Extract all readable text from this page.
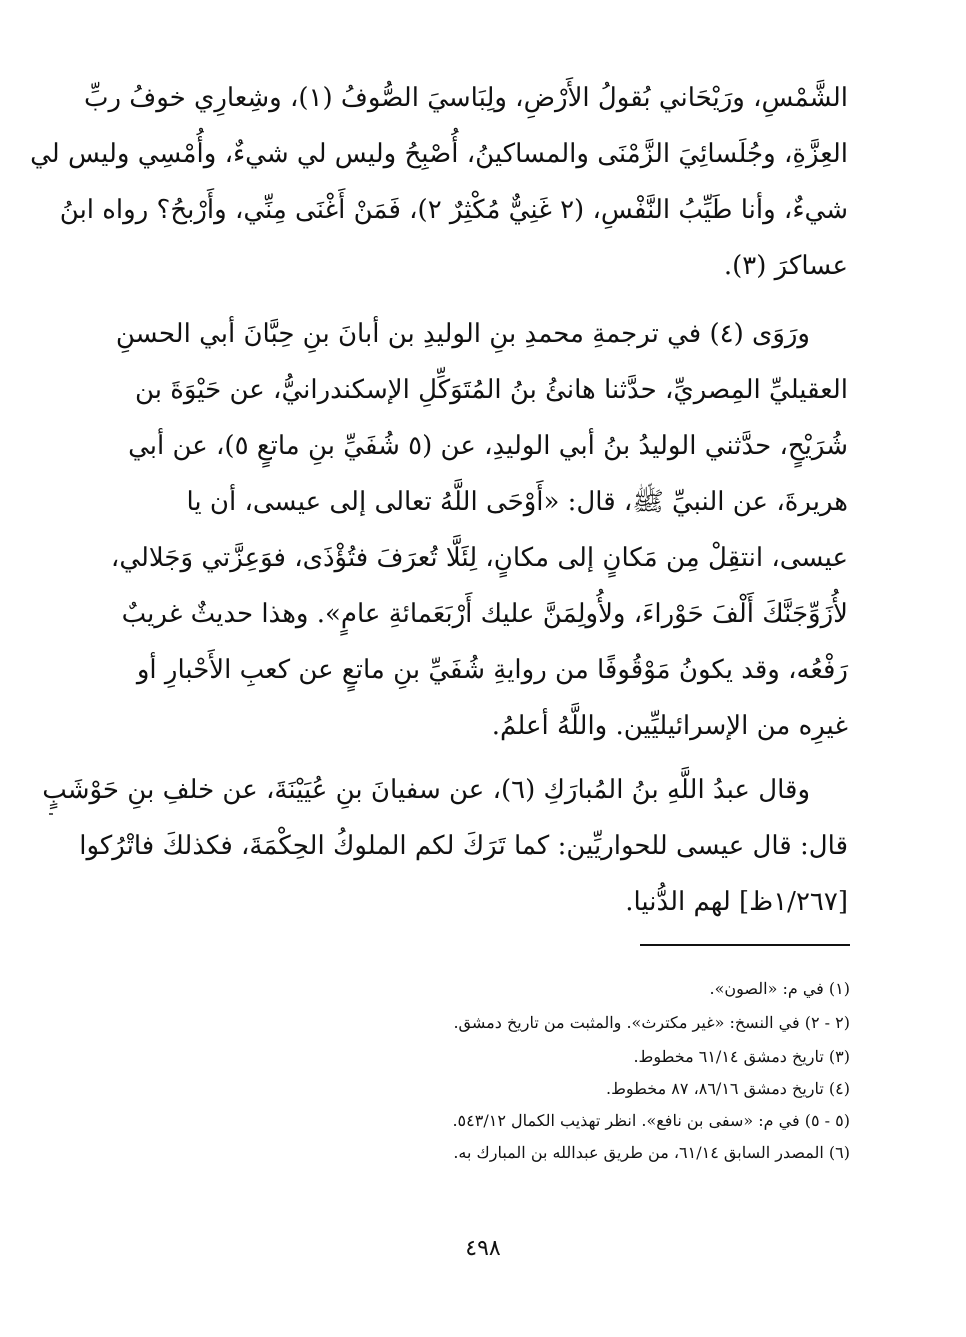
الشَّمْسِ، ورَيْحَاني بُقولُ الأَرْضِ، ولِبَاسيَ الصُّوفُ (١)، وشِعارِي خوفُ ربِّ
العِزَّةِ، وجُلَسائِيَ الزَّمْنَى والمساكينُ، أُصْبِحُ وليس لي شيءٌ، وأُمْسِي وليس لي
شيءٌ، وأنا طَيِّبُ النَّفْسِ، (٢ غَنِيٌّ مُكْثِرٌ ٢)، فَمَنْ أَغْنَى مِنِّي، وأَرْبحُ؟ رواه ابنُ
عساكرَ (٣).
ورَوَى (٤) في ترجمةِ محمدِ بنِ الوليدِ بن أبانَ بنِ حِبَّانَ أبي الحسنِ
العقيليِّ المِصريِّ، حدَّثنا هانئُ بنُ المُتَوَكِّلِ الإسكندرانيُّ، عن حَيْوَةَ بن
شُرَيْحٍ، حدَّثني الوليدُ بنُ أبي الوليدِ، عن (٥ شُفَيِّ بنِ ماتعٍ ٥)، عن أبي
هريرةَ، عن النبيِّ ﷺ، قال: «أَوْحَى اللَّهُ تعالى إلى عيسى، أن يا
عيسى، انتقِلْ مِن مَكانٍ إلى مكانٍ، لِئَلَّا تُعرَفَ فتُؤْذَى، فوَعِزَّتي وَجَلالي،
لأُزَوِّجَنَّكَ أَلْفَ حَوْراءَ، ولأُولِمَنَّ عليك أَرْبَعَمائةِ عامٍ». وهذا حديثٌ غريبٌ
رَفْعُه، وقد يكونُ مَوْقُوفًا من روايةِ شُفَيِّ بنِ ماتعٍ عن كعبِ الأَحْبارِ أو
غيرِه من الإسرائيليِّين. واللَّهُ أعلمُ.
وقال عبدُ اللَّهِ بنُ المُبارَكِ (٦)، عن سفيانَ بنِ عُيَيْنَةَ، عن خلفِ بنِ حَوْشَبٍ
قال: قال عيسى للحواريِّين: كما تَرَكَ لكم الملوكُ الحِكْمَةَ، فكذلكَ فاتْرُكوا
[١/٢٦٧ظ] لهم الدُّنيا.
(١) في م: «الصون».
(٢ - ٢) في النسخ: «غير مكترث». والمثبت من تاريخ دمشق.
(٣) تاريخ دمشق ٦١/١٤ مخطوط.
(٤) تاريخ دمشق ٨٦/١٦، ٨٧ مخطوط.
(٥ - ٥) في م: «سفى بن نافع». انظر تهذيب الكمال ٥٤٣/١٢.
(٦) المصدر السابق ٦١/١٤، من طريق عبدالله بن المبارك به.
٤٩٨
